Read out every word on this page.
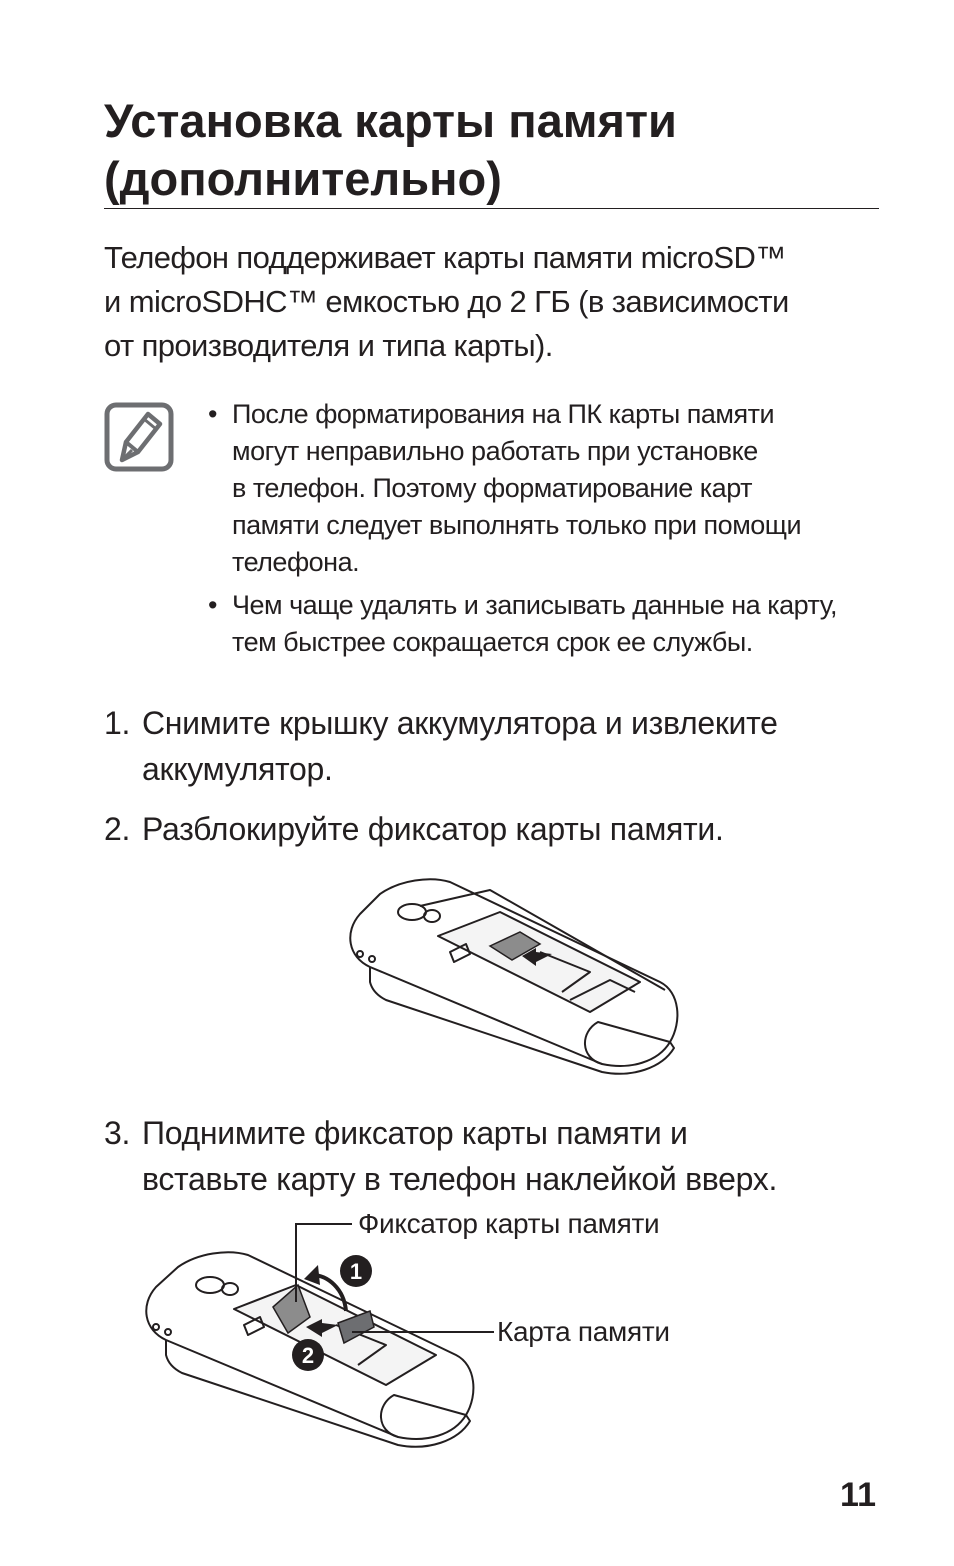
Установка карты памяти
(дополнительно)
Телефон поддерживает карты памяти microSD™
и microSDHC™ емкостью до 2 ГБ (в зависимости
от производителя и типа карты).
• После форматирования на ПК карты памяти
могут неправильно работать при установке
в телефон. Поэтому форматирование карт
памяти следует выполнять только при помощи
телефона.
• Чем чаще удалять и записывать данные на карту,
тем быстрее сокращается срок ее службы.
1. Снимите крышку аккумулятора и извлеките
аккумулятор.
2. Разблокируйте фиксатор карты памяти.
3. Поднимите фиксатор карты памяти и
вставьте карту в телефон наклейкой вверх.
1
2
Фиксатор карты памяти
Карта памяти
11
